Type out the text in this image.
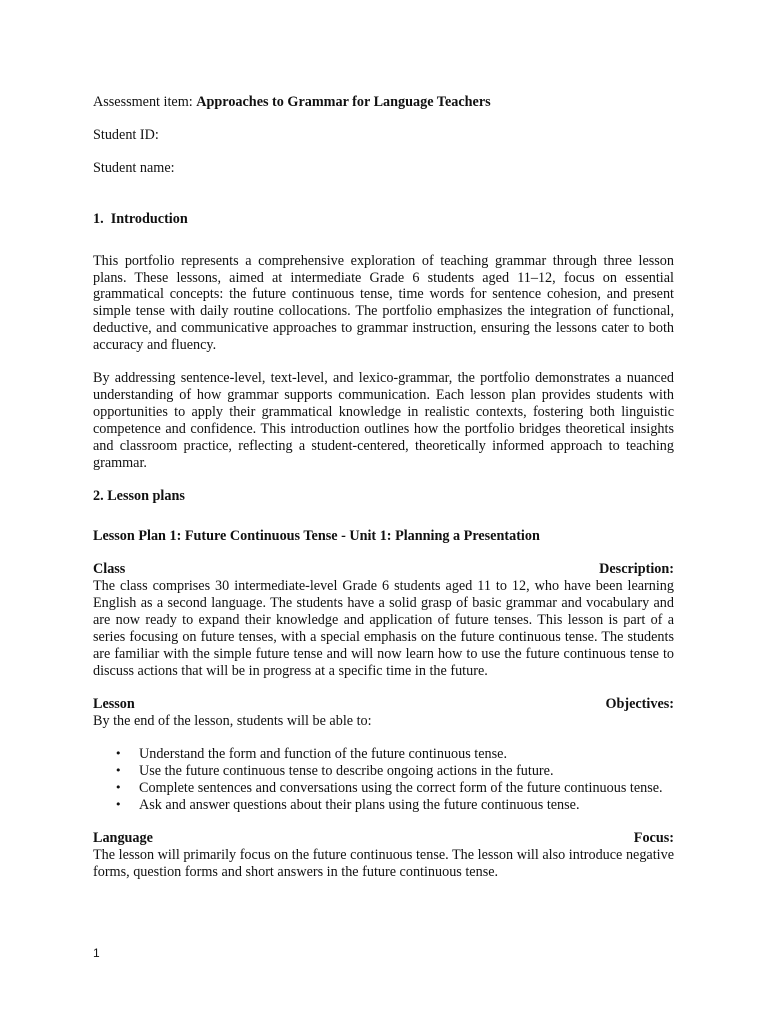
Assessment item: Approaches to Grammar for Language Teachers

Student ID:

Student name:

1. Introduction

This portfolio represents a comprehensive exploration of teaching grammar through three lesson plans. These lessons, aimed at intermediate Grade 6 students aged 11–12, focus on essential grammatical concepts: the future continuous tense, time words for sentence cohesion, and present simple tense with daily routine collocations. The portfolio emphasizes the integration of functional, deductive, and communicative approaches to grammar instruction, ensuring the lessons cater to both accuracy and fluency.

By addressing sentence-level, text-level, and lexico-grammar, the portfolio demonstrates a nuanced understanding of how grammar supports communication. Each lesson plan provides students with opportunities to apply their grammatical knowledge in realistic contexts, fostering both linguistic competence and confidence. This introduction outlines how the portfolio bridges theoretical insights and classroom practice, reflecting a student-centered, theoretically informed approach to teaching grammar.

2. Lesson plans

Lesson Plan 1: Future Continuous Tense - Unit 1: Planning a Presentation

Class	Description:

The class comprises 30 intermediate-level Grade 6 students aged 11 to 12, who have been learning English as a second language. The students have a solid grasp of basic grammar and vocabulary and are now ready to expand their knowledge and application of future tenses. This lesson is part of a series focusing on future tenses, with a special emphasis on the future continuous tense. The students are familiar with the simple future tense and will now learn how to use the future continuous tense to discuss actions that will be in progress at a specific time in the future.

Lesson	Objectives:

By the end of the lesson, students will be able to:

• Understand the form and function of the future continuous tense.
• Use the future continuous tense to describe ongoing actions in the future.
• Complete sentences and conversations using the correct form of the future continuous tense.
• Ask and answer questions about their plans using the future continuous tense.
Language	Focus:

The lesson will primarily focus on the future continuous tense. The lesson will also introduce negative forms, question forms and short answers in the future continuous tense.

1
